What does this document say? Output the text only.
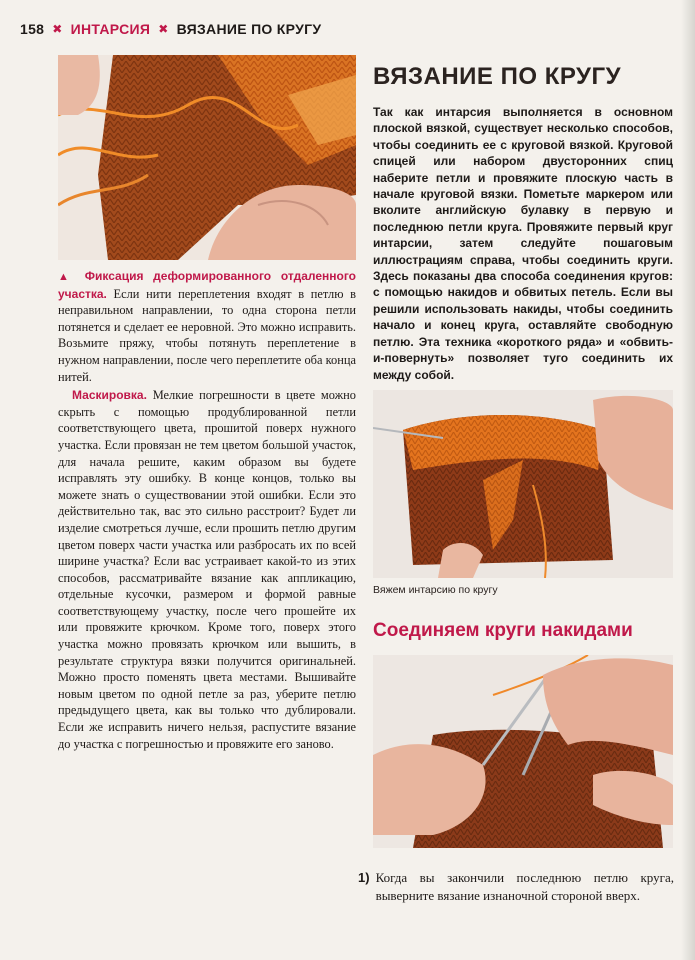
158 ✖ ИНТАРСИЯ ✖ ВЯЗАНИЕ ПО КРУГУ

▲ Фиксация деформированного отдаленного участка. Если нити переплетения входят в петлю в неправильном направлении, то одна сторона петли потянется и сделает ее неровной. Это можно исправить. Возьмите пряжу, чтобы потянуть переплетение в нужном направлении, после чего переплетите оба конца нитей.

Маскировка. Мелкие погрешности в цвете можно скрыть с помощью продублированной петли соответствующего цвета, прошитой поверх нужного участка. Если провязан не тем цветом большой участок, для начала решите, каким образом вы будете исправлять эту ошибку. В конце концов, только вы можете знать о существовании этой ошибки. Если это действительно так, вас это сильно расстроит? Будет ли изделие смотреться лучше, если прошить петлю другим цветом поверх части участка или разбросать их по всей ширине участка? Если вас устраивает какой-то из этих способов, рассматривайте вязание как аппликацию, отдельные кусочки, размером и формой равные соответствующему участку, после чего прошейте их или провяжите крючком. Кроме того, поверх этого участка можно провязать крючком или вышить, в результате структура вязки получится оригинальней. Можно просто поменять цвета местами. Вышивайте новым цветом по одной петле за раз, уберите петлю предыдущего цвета, как вы только что дублировали. Если же исправить ничего нельзя, распустите вязание до участка с погрешностью и провяжите его заново.

ВЯЗАНИЕ ПО КРУГУ

Так как интарсия выполняется в основном плоской вязкой, существует несколько способов, чтобы соединить ее с круговой вязкой. Круговой спицей или набором двусторонних спиц наберите петли и провяжите плоскую часть в начале круговой вязки. Пометьте маркером или вколите английскую булавку в первую и последнюю петли круга. Провяжите первый круг интарсии, затем следуйте пошаговым иллюстрациям справа, чтобы соединить круги. Здесь показаны два способа соединения кругов: с помощью накидов и обвитых петель. Если вы решили использовать накиды, чтобы соединить начало и конец круга, оставляйте свободную петлю. Эта техника «короткого ряда» и «обвить-и-повернуть» позволяет туго соединить их между собой.

Вяжем интарсию по кругу
Соединяем круги накидами
1) Когда вы закончили последнюю петлю круга, выверните вязание изнаночной стороной вверх.
